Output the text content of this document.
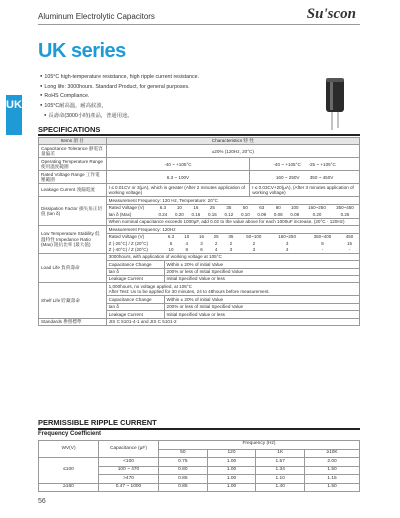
Aluminum Electrolytic Capacitors	Su'scon
UK series
UK
● 105°C high-temperature resistance, high ripple current resistance.
● Long life: 3000hours. Standard Product, for general purposes.
● RoHS Compliance.
● 105°C耐高溫，耐高紋波，
● 長壽命(3000小時)產品，普通用途。
SPECIFICATIONS
Items 項 目	Characteristics 特 性
Capacitance Tolerance 靜電容量偏差	±20% (120Hz, 20°C)
Operating Temperature Range 使用溫度範圍	-40 ~ +105°C	-40 ~ +105°C -25 ~ +105°C
Rated Voltage Range 工作電壓範圍	6.3 ~ 100V	160 ~ 250V 350 ~ 450V
Leakage Current 洩漏電流	I ≤ 0.01CV or 3(μA), which is greater (After 2 minutes application of working voltage)	I ≤ 0.03CV+20(μA), (After 3 minutes application of working voltage)
Dissipation Factor 損失角正切值 (tan δ)	
Measurement Frequency: 120 Hz, Temperature: 20°C
Rated Voltage (V)	6.3	10	16	25	35	50	63	80	100	160~250	350~450
tan δ (Max)	0.24	0.20	0.16	0.15	0.12	0.10	0.09	0.08	0.08	0.20	0.25
When nominal capacitance exceeds 1000μF, add 0.02 to the value above for each 1000uF increase. (20°C · 120Hz)

Low Temperature Stability 低溫特性 Impedance Ratio (Max) 阻抗比率 (最大值)	
Measurement Frequency: 120Hz
Rated Voltage (V)	6.3	10	16	25	35	50~100	160~250	350~400	450
Z (-25°C) / Z (20°C)	5	4	3	2	2	2	3	8	15
Z (-40°C) / Z (20°C)	10	8	6	4	3	3	4	-	-

Load Life 負荷壽命	3000hours, with application of working voltage at 105°C
Capacitance Change	Within ± 20% of initial Value
tan δ	200% or less of Initial Specified Value
Leakage Current	Initial Specified Value or less
Shelf Life 貯藏壽命	
1,000hours, no voltage applied, at 105°C
After Test: Ux to be applied for 30 minutes, 24 to 48hours before measurement.

Capacitance Change	Within ± 20% of initial Value
tan δ	200% or less of Initial Specified Value
Leakage Current	Initial Specified Value or less
Standards 參照標準	JIS C 5101-4-1 and JIS C 5101-2
PERMISSIBLE RIPPLE CURRENT
Frequency Coefficient
WV(V)	Capacitance (μF)	Frequency (Hz)			
		50	120	1K	≥10K
≤100	<100	0.75	1.00	1.57	2.00
	100 ~ 470	0.80	1.00	1.34	1.50
	>470	0.85	1.00	1.10	1.15
≥160	0.47 ~ 1000	0.85	1.00	1.40	1.50
56
